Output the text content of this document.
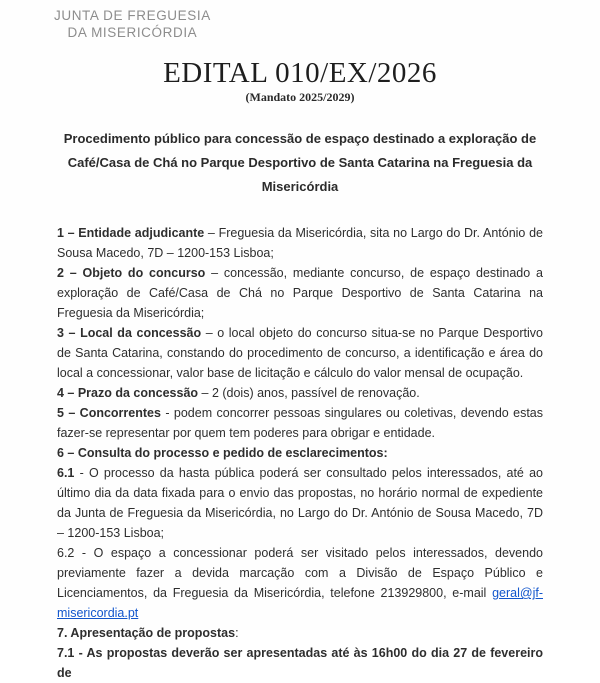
JUNTA DE FREGUESIA
DA MISERICÓRDIA
EDITAL 010/EX/2026
(Mandato 2025/2029)
Procedimento público para concessão de espaço destinado a exploração de Café/Casa de Chá no Parque Desportivo de Santa Catarina na Freguesia da Misericórdia

1 – Entidade adjudicante – Freguesia da Misericórdia, sita no Largo do Dr. António de Sousa Macedo, 7D – 1200-153 Lisboa;

2 – Objeto do concurso – concessão, mediante concurso, de espaço destinado a exploração de Café/Casa de Chá no Parque Desportivo de Santa Catarina na Freguesia da Misericórdia;

3 – Local da concessão – o local objeto do concurso situa-se no Parque Desportivo de Santa Catarina, constando do procedimento de concurso, a identificação e área do local a concessionar, valor base de licitação e cálculo do valor mensal de ocupação.

4 – Prazo da concessão – 2 (dois) anos, passível de renovação.

5 – Concorrentes - podem concorrer pessoas singulares ou coletivas, devendo estas fazer-se representar por quem tem poderes para obrigar e entidade.

6 – Consulta do processo e pedido de esclarecimentos:

6.1 - O processo da hasta pública poderá ser consultado pelos interessados, até ao último dia da data fixada para o envio das propostas, no horário normal de expediente da Junta de Freguesia da Misericórdia, no Largo do Dr. António de Sousa Macedo, 7D – 1200-153 Lisboa;

6.2 - O espaço a concessionar poderá ser visitado pelos interessados, devendo previamente fazer a devida marcação com a Divisão de Espaço Público e Licenciamentos, da Freguesia da Misericórdia, telefone 213929800, e-mail geral@jf-misericordia.pt

7. Apresentação de propostas:

7.1 - As propostas deverão ser apresentadas até às 16h00 do dia 27 de fevereiro de
